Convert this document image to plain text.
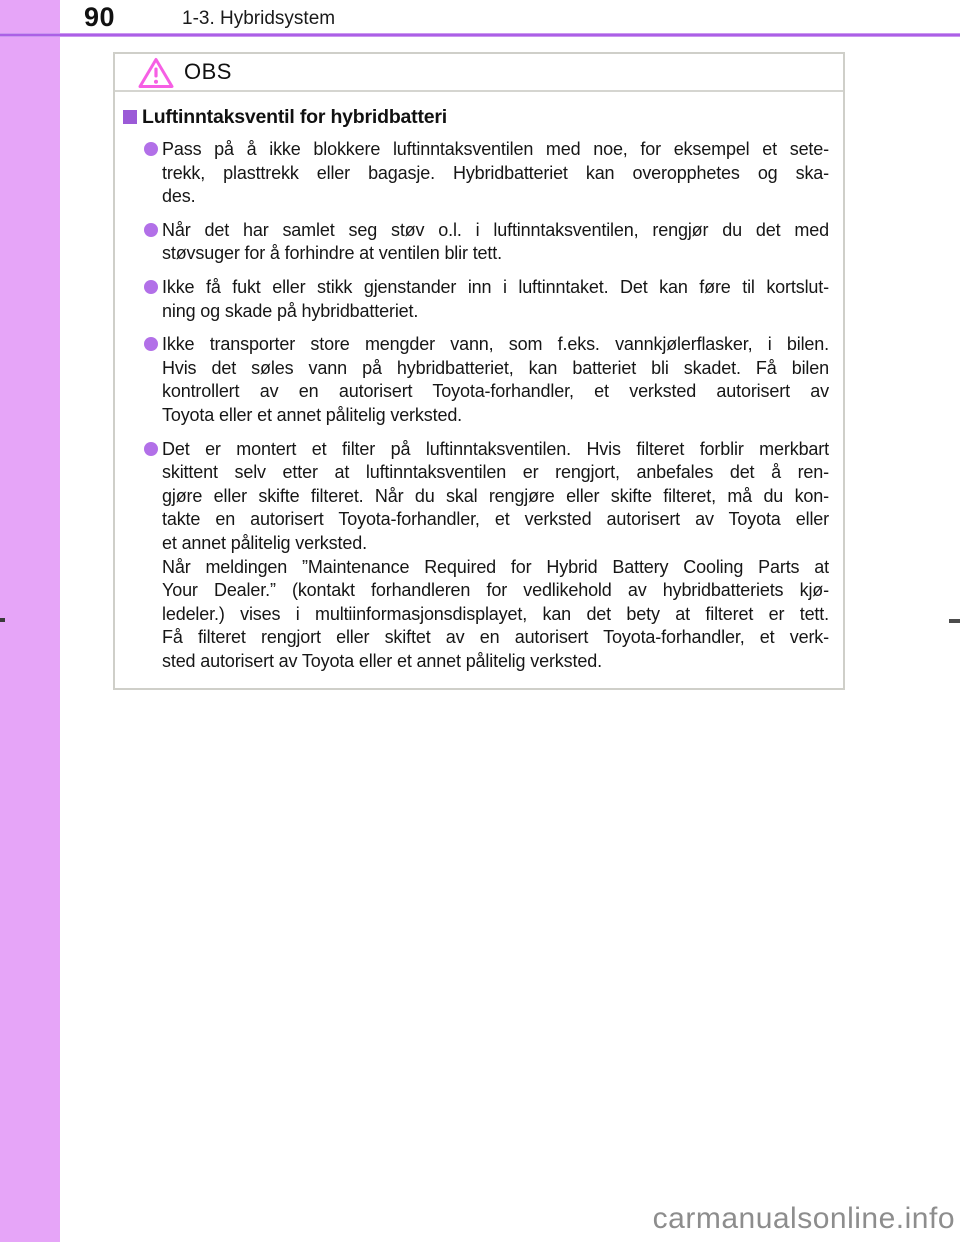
90	1-3. Hybridsystem
OBS
Luftinntaksventil for hybridbatteri
Pass på å ikke blokkere luftinntaksventilen med noe, for eksempel et sete-
trekk, plasttrekk eller bagasje. Hybridbatteriet kan overopphetes og ska-
des.
Når det har samlet seg støv o.l. i luftinntaksventilen, rengjør du det med
støvsuger for å forhindre at ventilen blir tett.
Ikke få fukt eller stikk gjenstander inn i luftinntaket. Det kan føre til kortslut-
ning og skade på hybridbatteriet.
Ikke transporter store mengder vann, som f.eks. vannkjølerflasker, i bilen.
Hvis det søles vann på hybridbatteriet, kan batteriet bli skadet. Få bilen
kontrollert av en autorisert Toyota-forhandler, et verksted autorisert av
Toyota eller et annet pålitelig verksted.
Det er montert et filter på luftinntaksventilen. Hvis filteret forblir merkbart
skittent selv etter at luftinntaksventilen er rengjort, anbefales det å ren-
gjøre eller skifte filteret. Når du skal rengjøre eller skifte filteret, må du kon-
takte en autorisert Toyota-forhandler, et verksted autorisert av Toyota eller
et annet pålitelig verksted.
Når meldingen ”Maintenance Required for Hybrid Battery Cooling Parts at
Your Dealer.” (kontakt forhandleren for vedlikehold av hybridbatteriets kjø-
ledeler.) vises i multiinformasjonsdisplayet, kan det bety at filteret er tett.
Få filteret rengjort eller skiftet av en autorisert Toyota-forhandler, et verk-
sted autorisert av Toyota eller et annet pålitelig verksted.
carmanualsonline.info
